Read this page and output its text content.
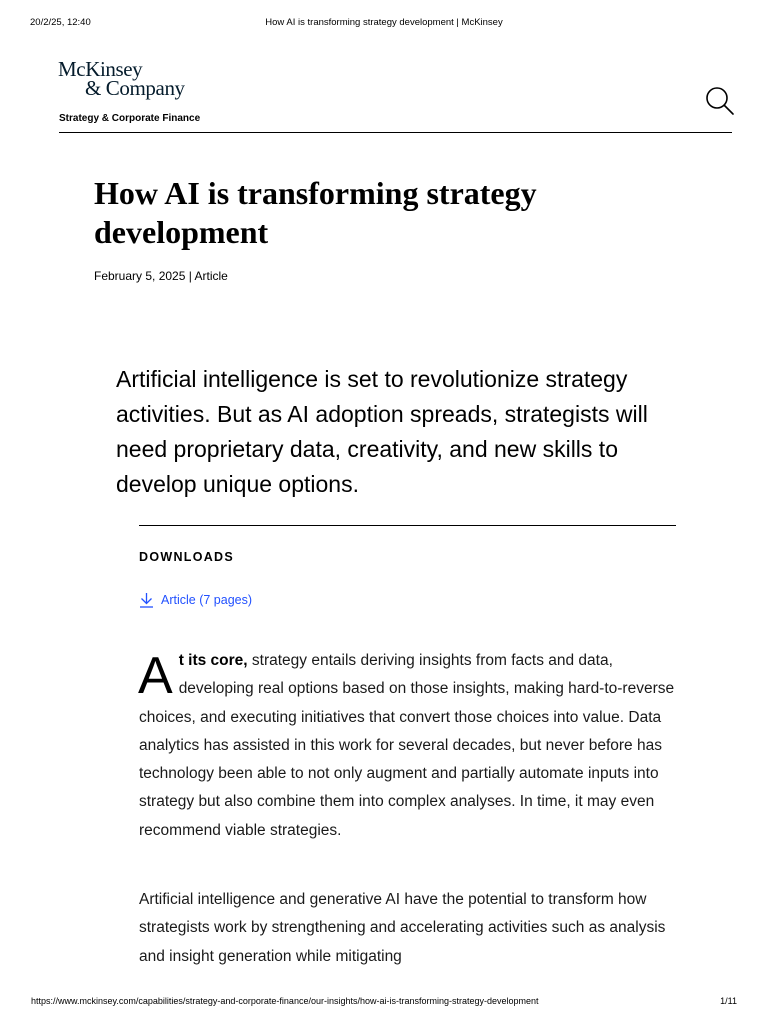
20/2/25, 12:40	How AI is transforming strategy development | McKinsey
McKinsey
& Company
Strategy & Corporate Finance
How AI is transforming strategy development
February 5, 2025 | Article

Artificial intelligence is set to revolutionize strategy activities. But as AI adoption spreads, strategists will need proprietary data, creativity, and new skills to develop unique options.

DOWNLOADS
Article (7 pages)

At its core, strategy entails deriving insights from facts and data, developing real options based on those insights, making hard-to-reverse choices, and executing initiatives that convert those choices into value. Data analytics has assisted in this work for several decades, but never before has technology been able to not only augment and partially automate inputs into strategy but also combine them into complex analyses. In time, it may even recommend viable strategies.

Artificial intelligence and generative AI have the potential to transform how strategists work by strengthening and accelerating activities such as analysis and insight generation while mitigating

https://www.mckinsey.com/capabilities/strategy-and-corporate-finance/our-insights/how-ai-is-transforming-strategy-development	1/11
